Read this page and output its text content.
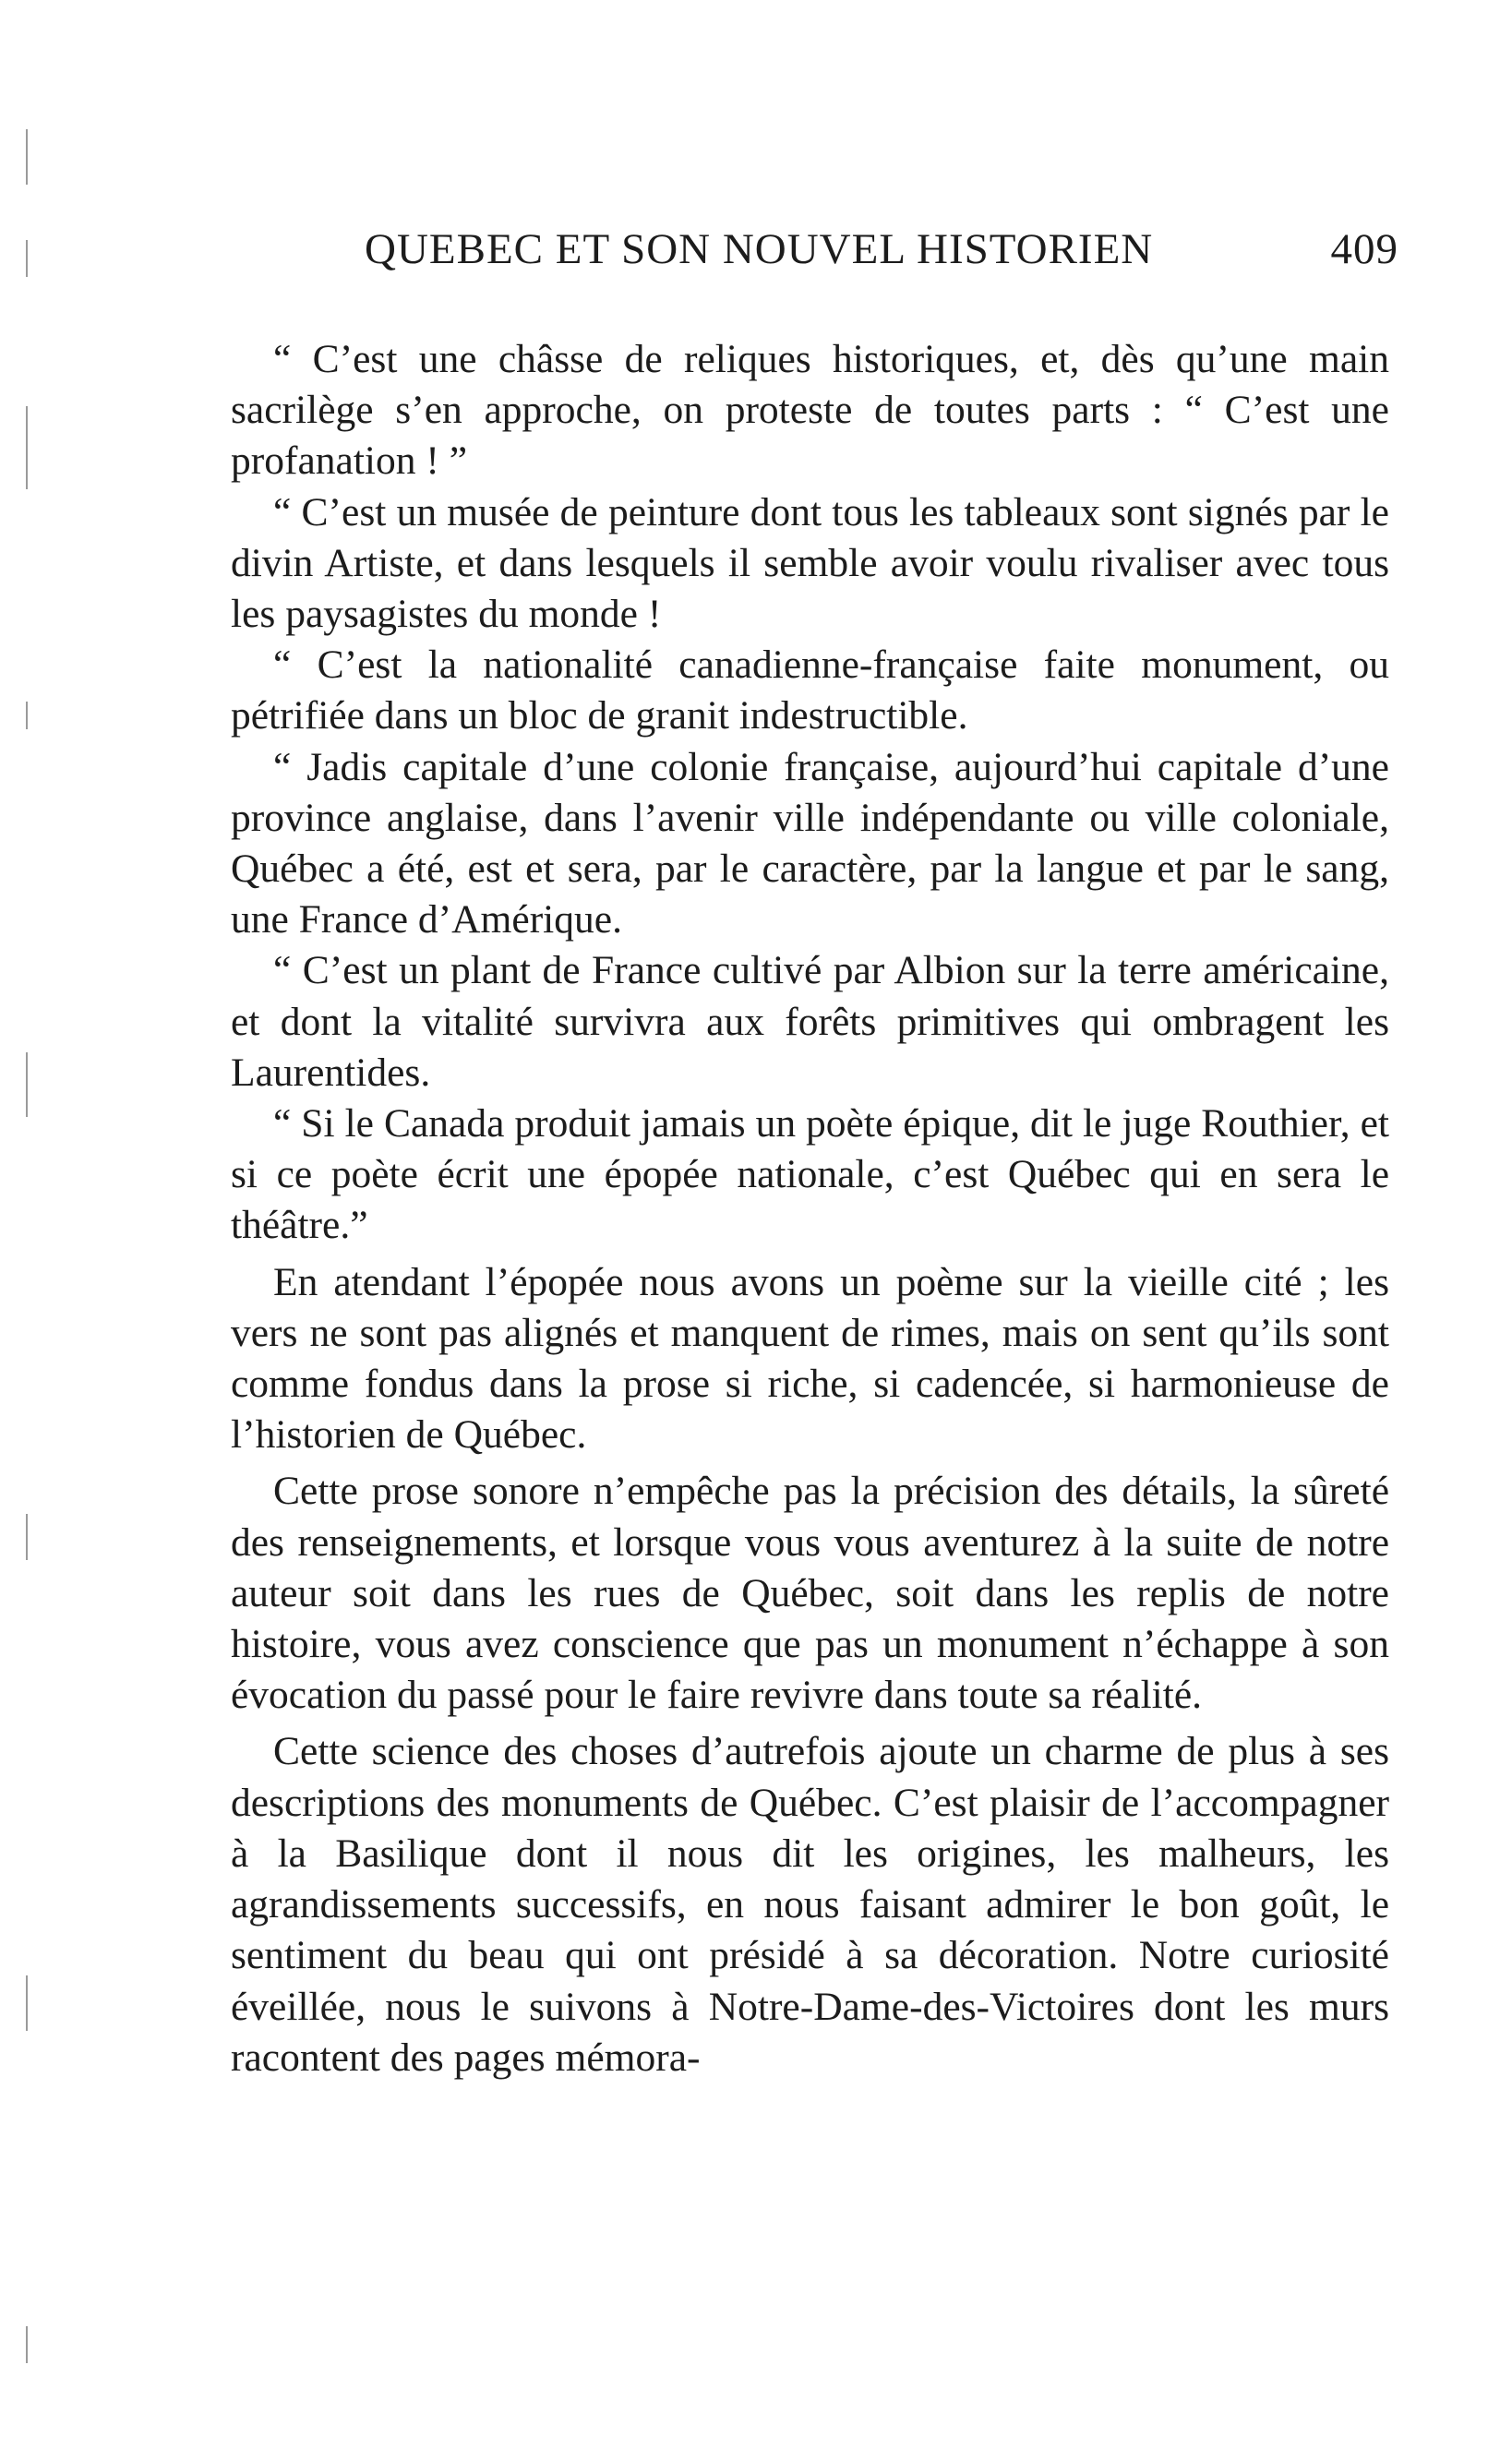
QUEBEC ET SON NOUVEL HISTORIEN	409

“ C’est une châsse de reliques historiques, et, dès qu’une main sacrilège s’en approche, on proteste de toutes parts : “ C’est une profanation ! ”

“ C’est un musée de peinture dont tous les tableaux sont signés par le divin Artiste, et dans lesquels il semble avoir voulu rivaliser avec tous les paysagistes du monde !

“ C’est la nationalité canadienne-française faite monument, ou pétrifiée dans un bloc de granit indestructible.

“ Jadis capitale d’une colonie française, aujourd’hui capitale d’une province anglaise, dans l’avenir ville indépendante ou ville coloniale, Québec a été, est et sera, par le caractère, par la langue et par le sang, une France d’Amérique.

“ C’est un plant de France cultivé par Albion sur la terre américaine, et dont la vitalité survivra aux forêts primitives qui ombragent les Laurentides.

“ Si le Canada produit jamais un poète épique, dit le juge Routhier, et si ce poète écrit une épopée nationale, c’est Québec qui en sera le théâtre.”

En atendant l’épopée nous avons un poème sur la vieille cité ; les vers ne sont pas alignés et manquent de rimes, mais on sent qu’ils sont comme fondus dans la prose si riche, si cadencée, si harmonieuse de l’historien de Québec.

Cette prose sonore n’empêche pas la précision des détails, la sûreté des renseignements, et lorsque vous vous aventurez à la suite de notre auteur soit dans les rues de Québec, soit dans les replis de notre histoire, vous avez conscience que pas un monument n’échappe à son évocation du passé pour le faire revivre dans toute sa réalité.

Cette science des choses d’autrefois ajoute un charme de plus à ses descriptions des monuments de Québec. C’est plaisir de l’accompagner à la Basilique dont il nous dit les origines, les malheurs, les agrandissements successifs, en nous faisant admirer le bon goût, le sentiment du beau qui ont présidé à sa décoration. Notre curiosité éveillée, nous le suivons à Notre-Dame-des-Victoires dont les murs racontent des pages mémora-
